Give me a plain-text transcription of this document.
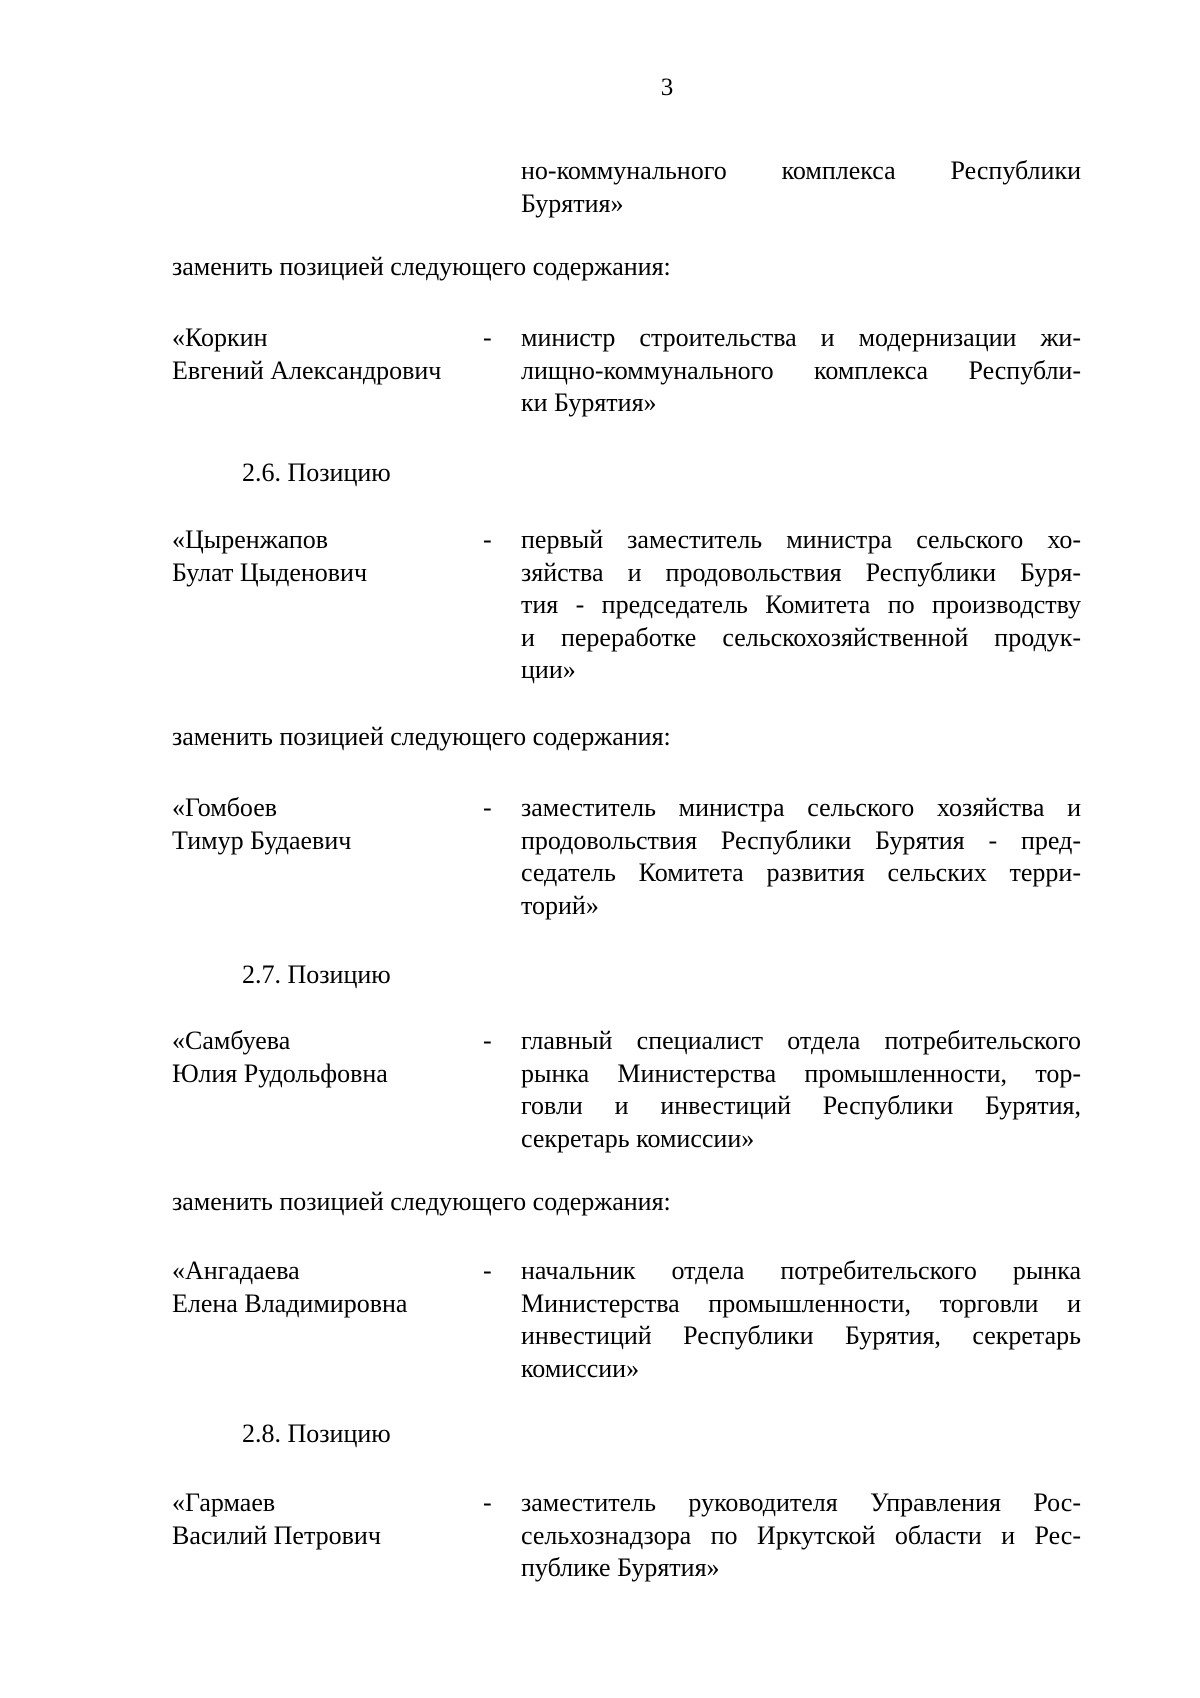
3
но-коммунального комплекса Республики
Бурятия»
заменить позицией следующего содержания:
«Коркин
Евгений Александрович
- министр строительства и модернизации жи-
лищно-коммунального комплекса Республи-
ки Бурятия»
2.6. Позицию
«Цыренжапов
Булат Цыденович
- первый заместитель министра сельского хо-
зяйства и продовольствия Республики Буря-
тия - председатель Комитета по производству
и переработке сельскохозяйственной продук-
ции»
заменить позицией следующего содержания:
«Гомбоев
Тимур Будаевич
- заместитель министра сельского хозяйства и
продовольствия Республики Бурятия - пред-
седатель Комитета развития сельских терри-
торий»
2.7. Позицию
«Самбуева
Юлия Рудольфовна
- главный специалист отдела потребительского
рынка Министерства промышленности, тор-
говли и инвестиций Республики Бурятия,
секретарь комиссии»
заменить позицией следующего содержания:
«Ангадаева
Елена Владимировна
- начальник отдела потребительского рынка
Министерства промышленности, торговли и
инвестиций Республики Бурятия, секретарь
комиссии»
2.8. Позицию
«Гармаев
Василий Петрович
- заместитель руководителя Управления Рос-
сельхознадзора по Иркутской области и Рес-
публике Бурятия»
